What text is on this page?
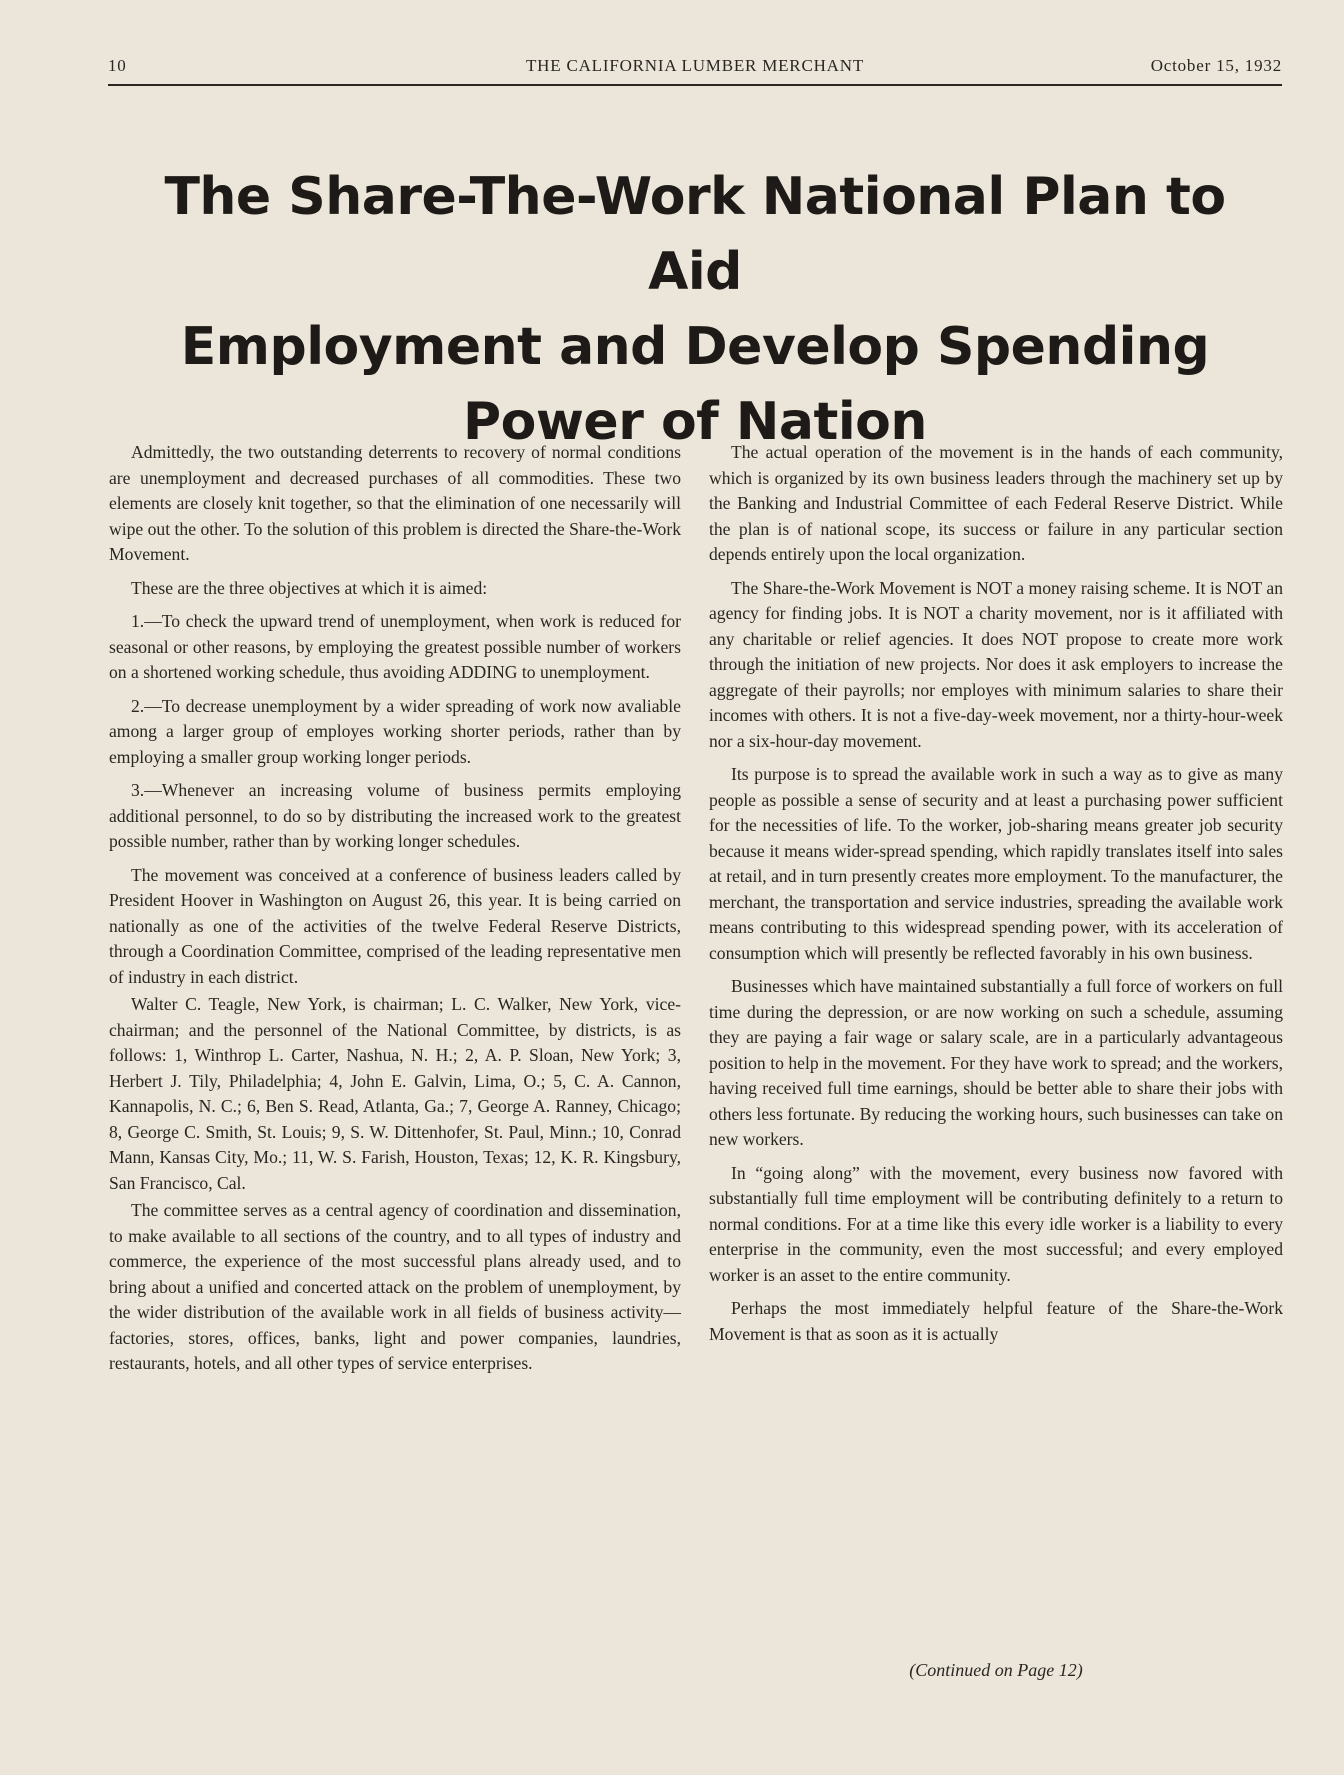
10	THE CALIFORNIA LUMBER MERCHANT	October 15, 1932
The Share-The-Work National Plan to Aid
Employment and Develop Spending
Power of Nation

Admittedly, the two outstanding deterrents to recovery of normal conditions are unemployment and decreased purchases of all commodities. These two elements are closely knit together, so that the elimination of one necessarily will wipe out the other. To the solution of this problem is directed the Share-the-Work Movement.

These are the three objectives at which it is aimed:

1.—To check the upward trend of unemployment, when work is reduced for seasonal or other reasons, by employing the greatest possible number of workers on a shortened working schedule, thus avoiding ADDING to unemployment.

2.—To decrease unemployment by a wider spreading of work now avaliable among a larger group of employes working shorter periods, rather than by employing a smaller group working longer periods.

3.—Whenever an increasing volume of business permits employing additional personnel, to do so by distributing the increased work to the greatest possible number, rather than by working longer schedules.

The movement was conceived at a conference of business leaders called by President Hoover in Washington on August 26, this year. It is being carried on nationally as one of the activities of the twelve Federal Reserve Districts, through a Coordination Committee, comprised of the leading representative men of industry in each district.

Walter C. Teagle, New York, is chairman; L. C. Walker, New York, vice-chairman; and the personnel of the National Committee, by districts, is as follows: 1, Winthrop L. Carter, Nashua, N. H.; 2, A. P. Sloan, New York; 3, Herbert J. Tily, Philadelphia; 4, John E. Galvin, Lima, O.; 5, C. A. Cannon, Kannapolis, N. C.; 6, Ben S. Read, Atlanta, Ga.; 7, George A. Ranney, Chicago; 8, George C. Smith, St. Louis; 9, S. W. Dittenhofer, St. Paul, Minn.; 10, Conrad Mann, Kansas City, Mo.; 11, W. S. Farish, Houston, Texas; 12, K. R. Kingsbury, San Francisco, Cal.

The committee serves as a central agency of coordination and dissemination, to make available to all sections of the country, and to all types of industry and commerce, the experience of the most successful plans already used, and to bring about a unified and concerted attack on the problem of unemployment, by the wider distribution of the available work in all fields of business activity—factories, stores, offices, banks, light and power companies, laundries, restaurants, hotels, and all other types of service enterprises.

The actual operation of the movement is in the hands of each community, which is organized by its own business leaders through the machinery set up by the Banking and Industrial Committee of each Federal Reserve District. While the plan is of national scope, its success or failure in any particular section depends entirely upon the local organization.

The Share-the-Work Movement is NOT a money raising scheme. It is NOT an agency for finding jobs. It is NOT a charity movement, nor is it affiliated with any charitable or relief agencies. It does NOT propose to create more work through the initiation of new projects. Nor does it ask employers to increase the aggregate of their payrolls; nor employes with minimum salaries to share their incomes with others. It is not a five-day-week movement, nor a thirty-hour-week nor a six-hour-day movement.

Its purpose is to spread the available work in such a way as to give as many people as possible a sense of security and at least a purchasing power sufficient for the necessities of life. To the worker, job-sharing means greater job security because it means wider-spread spending, which rapidly translates itself into sales at retail, and in turn presently creates more employment. To the manufacturer, the merchant, the transportation and service industries, spreading the available work means contributing to this widespread spending power, with its acceleration of consumption which will presently be reflected favorably in his own business.

Businesses which have maintained substantially a full force of workers on full time during the depression, or are now working on such a schedule, assuming they are paying a fair wage or salary scale, are in a particularly advantageous position to help in the movement. For they have work to spread; and the workers, having received full time earnings, should be better able to share their jobs with others less fortunate. By reducing the working hours, such businesses can take on new workers.

In “going along” with the movement, every business now favored with substantially full time employment will be contributing definitely to a return to normal conditions. For at a time like this every idle worker is a liability to every enterprise in the community, even the most successful; and every employed worker is an asset to the entire community.

Perhaps the most immediately helpful feature of the Share-the-Work Movement is that as soon as it is actually

(Continued on Page 12)
